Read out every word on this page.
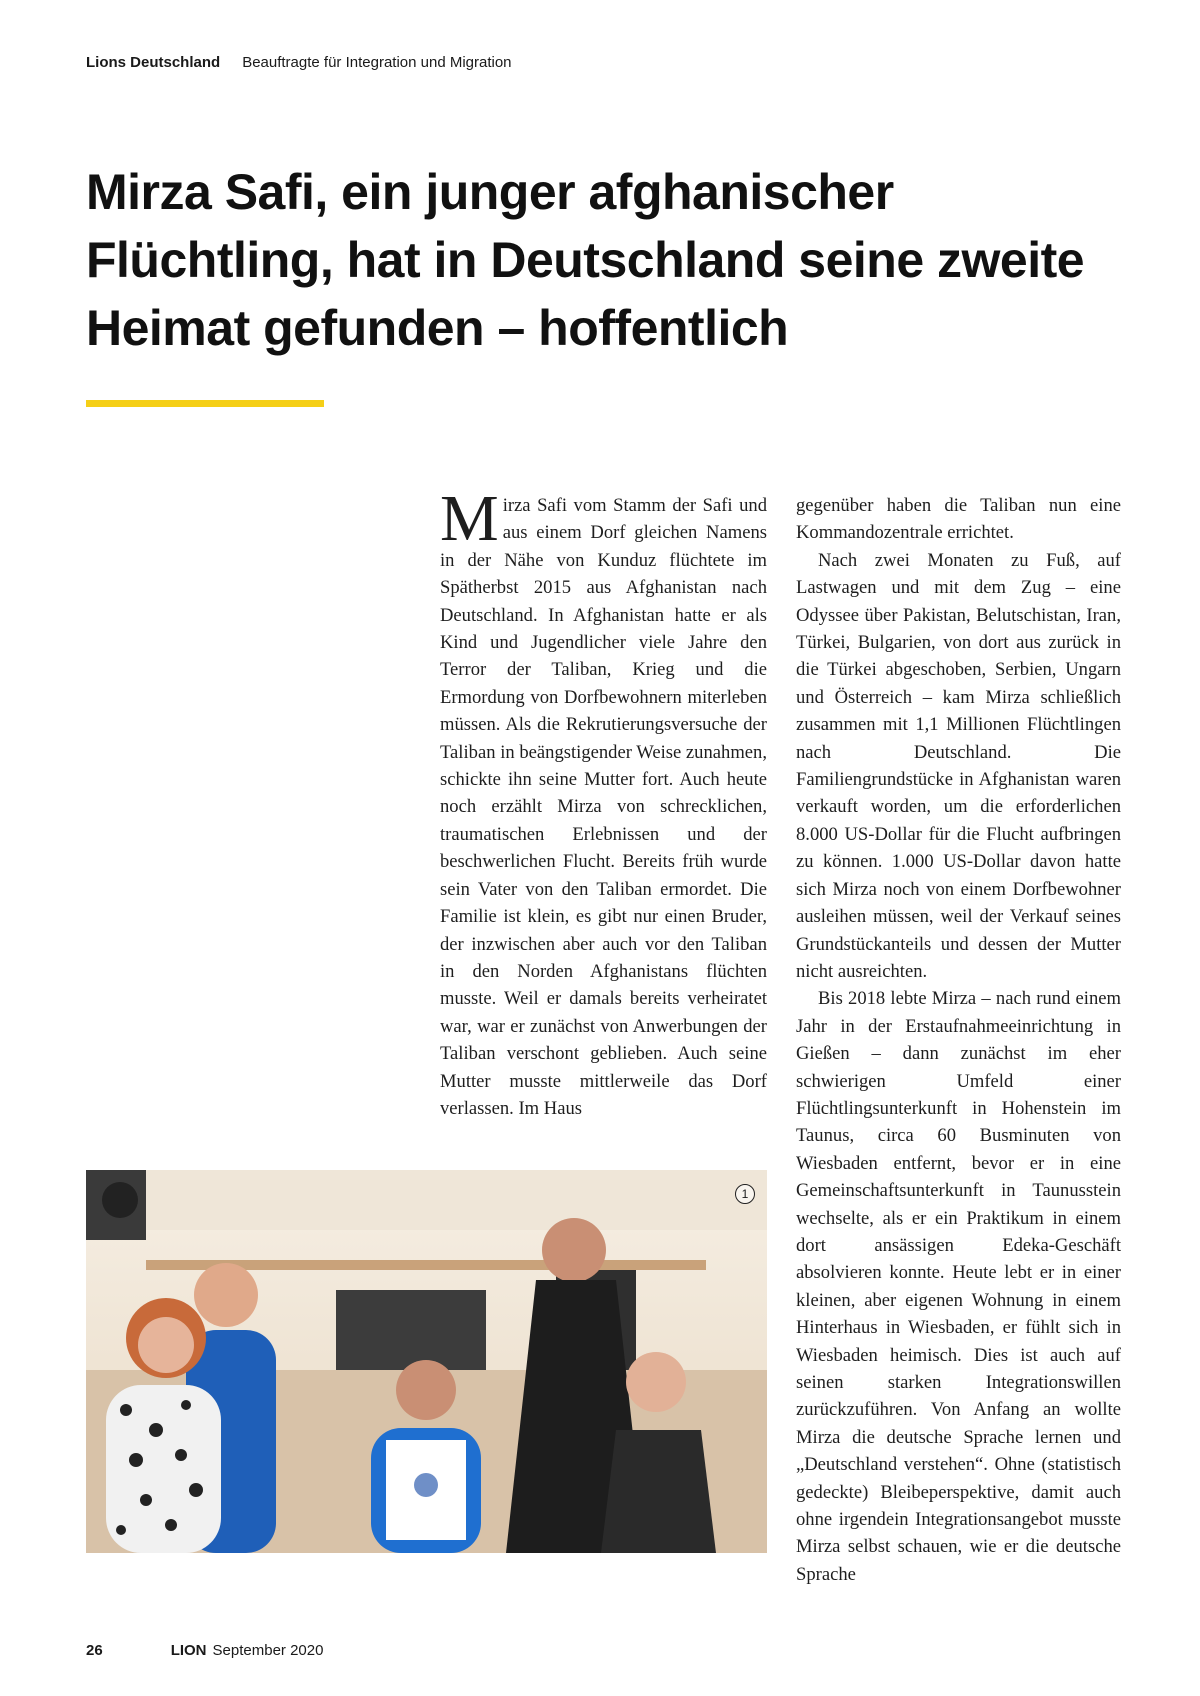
Lions Deutschland Beauftragte für Integration und Migration
Mirza Safi, ein junger afghanischer Flüchtling, hat in Deutschland seine zweite Heimat gefunden – hoffentlich

Mirza Safi vom Stamm der Safi und aus einem Dorf gleichen Namens in der Nähe von Kunduz flüchtete im Spätherbst 2015 aus Afghanistan nach Deutschland. In Afghanistan hatte er als Kind und Jugendlicher viele Jahre den Terror der Taliban, Krieg und die Ermordung von Dorfbewohnern miterleben müssen. Als die Rekrutierungsversuche der Taliban in beängstigender Weise zunahmen, schickte ihn seine Mutter fort. Auch heute noch erzählt Mirza von schrecklichen, traumatischen Erlebnissen und der beschwerlichen Flucht. Bereits früh wurde sein Vater von den Taliban ermordet. Die Familie ist klein, es gibt nur einen Bruder, der inzwischen aber auch vor den Taliban in den Norden Afghanistans flüchten musste. Weil er damals bereits verheiratet war, war er zunächst von Anwerbungen der Taliban verschont geblieben. Auch seine Mutter musste mittlerweile das Dorf verlassen. Im Haus

gegenüber haben die Taliban nun eine Kommandozentrale errichtet.

Nach zwei Monaten zu Fuß, auf Lastwagen und mit dem Zug – eine Odyssee über Pakistan, Belutschistan, Iran, Türkei, Bulgarien, von dort aus zurück in die Türkei abgeschoben, Serbien, Ungarn und Österreich – kam Mirza schließlich zusammen mit 1,1 Millionen Flüchtlingen nach Deutschland. Die Familiengrundstücke in Afghanistan waren verkauft worden, um die erforderlichen 8.000 US-Dollar für die Flucht aufbringen zu können. 1.000 US-Dollar davon hatte sich Mirza noch von einem Dorfbewohner ausleihen müssen, weil der Verkauf seines Grundstückanteils und dessen der Mutter nicht ausreichten.

Bis 2018 lebte Mirza – nach rund einem Jahr in der Erstaufnahmeeinrichtung in Gießen – dann zunächst im eher schwierigen Umfeld einer Flüchtlingsunterkunft in Hohenstein im Taunus, circa 60 Busminuten von Wiesbaden entfernt, bevor er in eine Gemeinschaftsunterkunft in Taunusstein wechselte, als er ein Praktikum in einem dort ansässigen Edeka-Geschäft absolvieren konnte. Heute lebt er in einer kleinen, aber eigenen Wohnung in einem Hinterhaus in Wiesbaden, er fühlt sich in Wiesbaden heimisch. Dies ist auch auf seinen starken Integrationswillen zurückzuführen. Von Anfang an wollte Mirza die deutsche Sprache lernen und „Deutschland verstehen“. Ohne (statistisch gedeckte) Bleibeperspektive, damit auch ohne irgendein Integrationsangebot musste Mirza selbst schauen, wie er die deutsche Sprache

1
26	LION September 2020
